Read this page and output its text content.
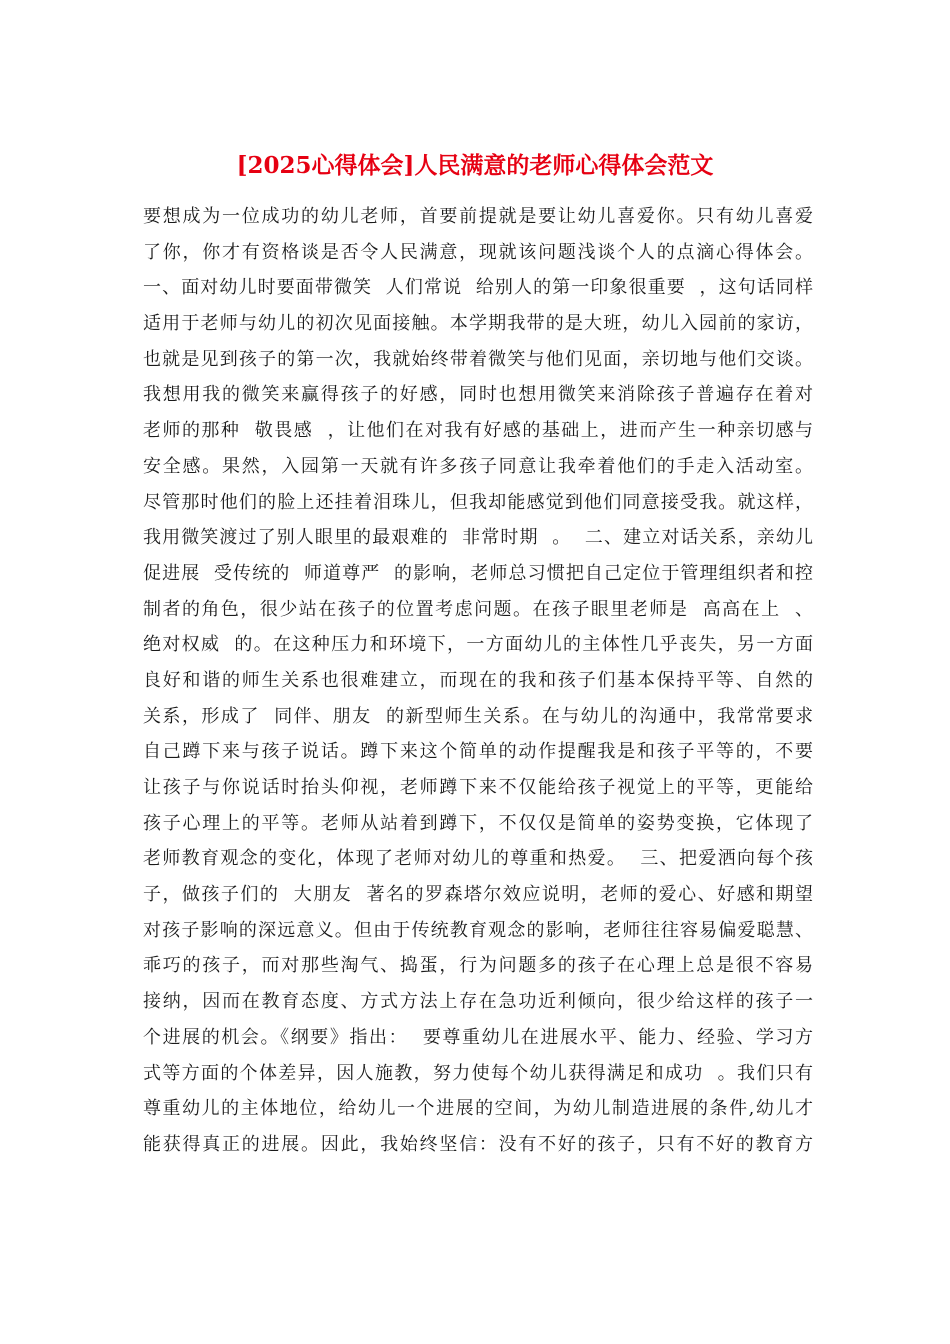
[2025心得体会]人民满意的老师心得体会范文
要想成为一位成功的幼儿老师，首要前提就是要让幼儿喜爱你。只有幼儿喜爱
了你，你才有资格谈是否令人民满意，现就该问题浅谈个人的点滴心得体会。
一、面对幼儿时要面带微笑  人们常说  给别人的第一印象很重要  ，这句话同样
适用于老师与幼儿的初次见面接触。本学期我带的是大班，幼儿入园前的家访，
也就是见到孩子的第一次，我就始终带着微笑与他们见面，亲切地与他们交谈。
我想用我的微笑来赢得孩子的好感，同时也想用微笑来消除孩子普遍存在着对
老师的那种  敬畏感  ，让他们在对我有好感的基础上，进而产生一种亲切感与
安全感。果然，入园第一天就有许多孩子同意让我牵着他们的手走入活动室。
尽管那时他们的脸上还挂着泪珠儿，但我却能感觉到他们同意接受我。就这样，
我用微笑渡过了别人眼里的最艰难的  非常时期  。  二、建立对话关系，亲幼儿
促进展  受传统的  师道尊严  的影响，老师总习惯把自己定位于管理组织者和控
制者的角色，很少站在孩子的位置考虑问题。在孩子眼里老师是  高高在上  、
绝对权威  的。在这种压力和环境下，一方面幼儿的主体性几乎丧失，另一方面
良好和谐的师生关系也很难建立，而现在的我和孩子们基本保持平等、自然的
关系，形成了  同伴、朋友  的新型师生关系。在与幼儿的沟通中，我常常要求
自己蹲下来与孩子说话。蹲下来这个简单的动作提醒我是和孩子平等的，不要
让孩子与你说话时抬头仰视，老师蹲下来不仅能给孩子视觉上的平等，更能给
孩子心理上的平等。老师从站着到蹲下，不仅仅是简单的姿势变换，它体现了
老师教育观念的变化，体现了老师对幼儿的尊重和热爱。  三、把爱洒向每个孩
子，做孩子们的  大朋友  著名的罗森塔尔效应说明，老师的爱心、好感和期望
对孩子影响的深远意义。但由于传统教育观念的影响，老师往往容易偏爱聪慧、
乖巧的孩子，而对那些淘气、捣蛋，行为问题多的孩子在心理上总是很不容易
接纳，因而在教育态度、方式方法上存在急功近利倾向，很少给这样的孩子一
个进展的机会。《纲要》指出：  要尊重幼儿在进展水平、能力、经验、学习方
式等方面的个体差异，因人施教，努力使每个幼儿获得满足和成功  。我们只有
尊重幼儿的主体地位，给幼儿一个进展的空间，为幼儿制造进展的条件,幼儿才
能获得真正的进展。因此，我始终坚信：没有不好的孩子，只有不好的教育方
